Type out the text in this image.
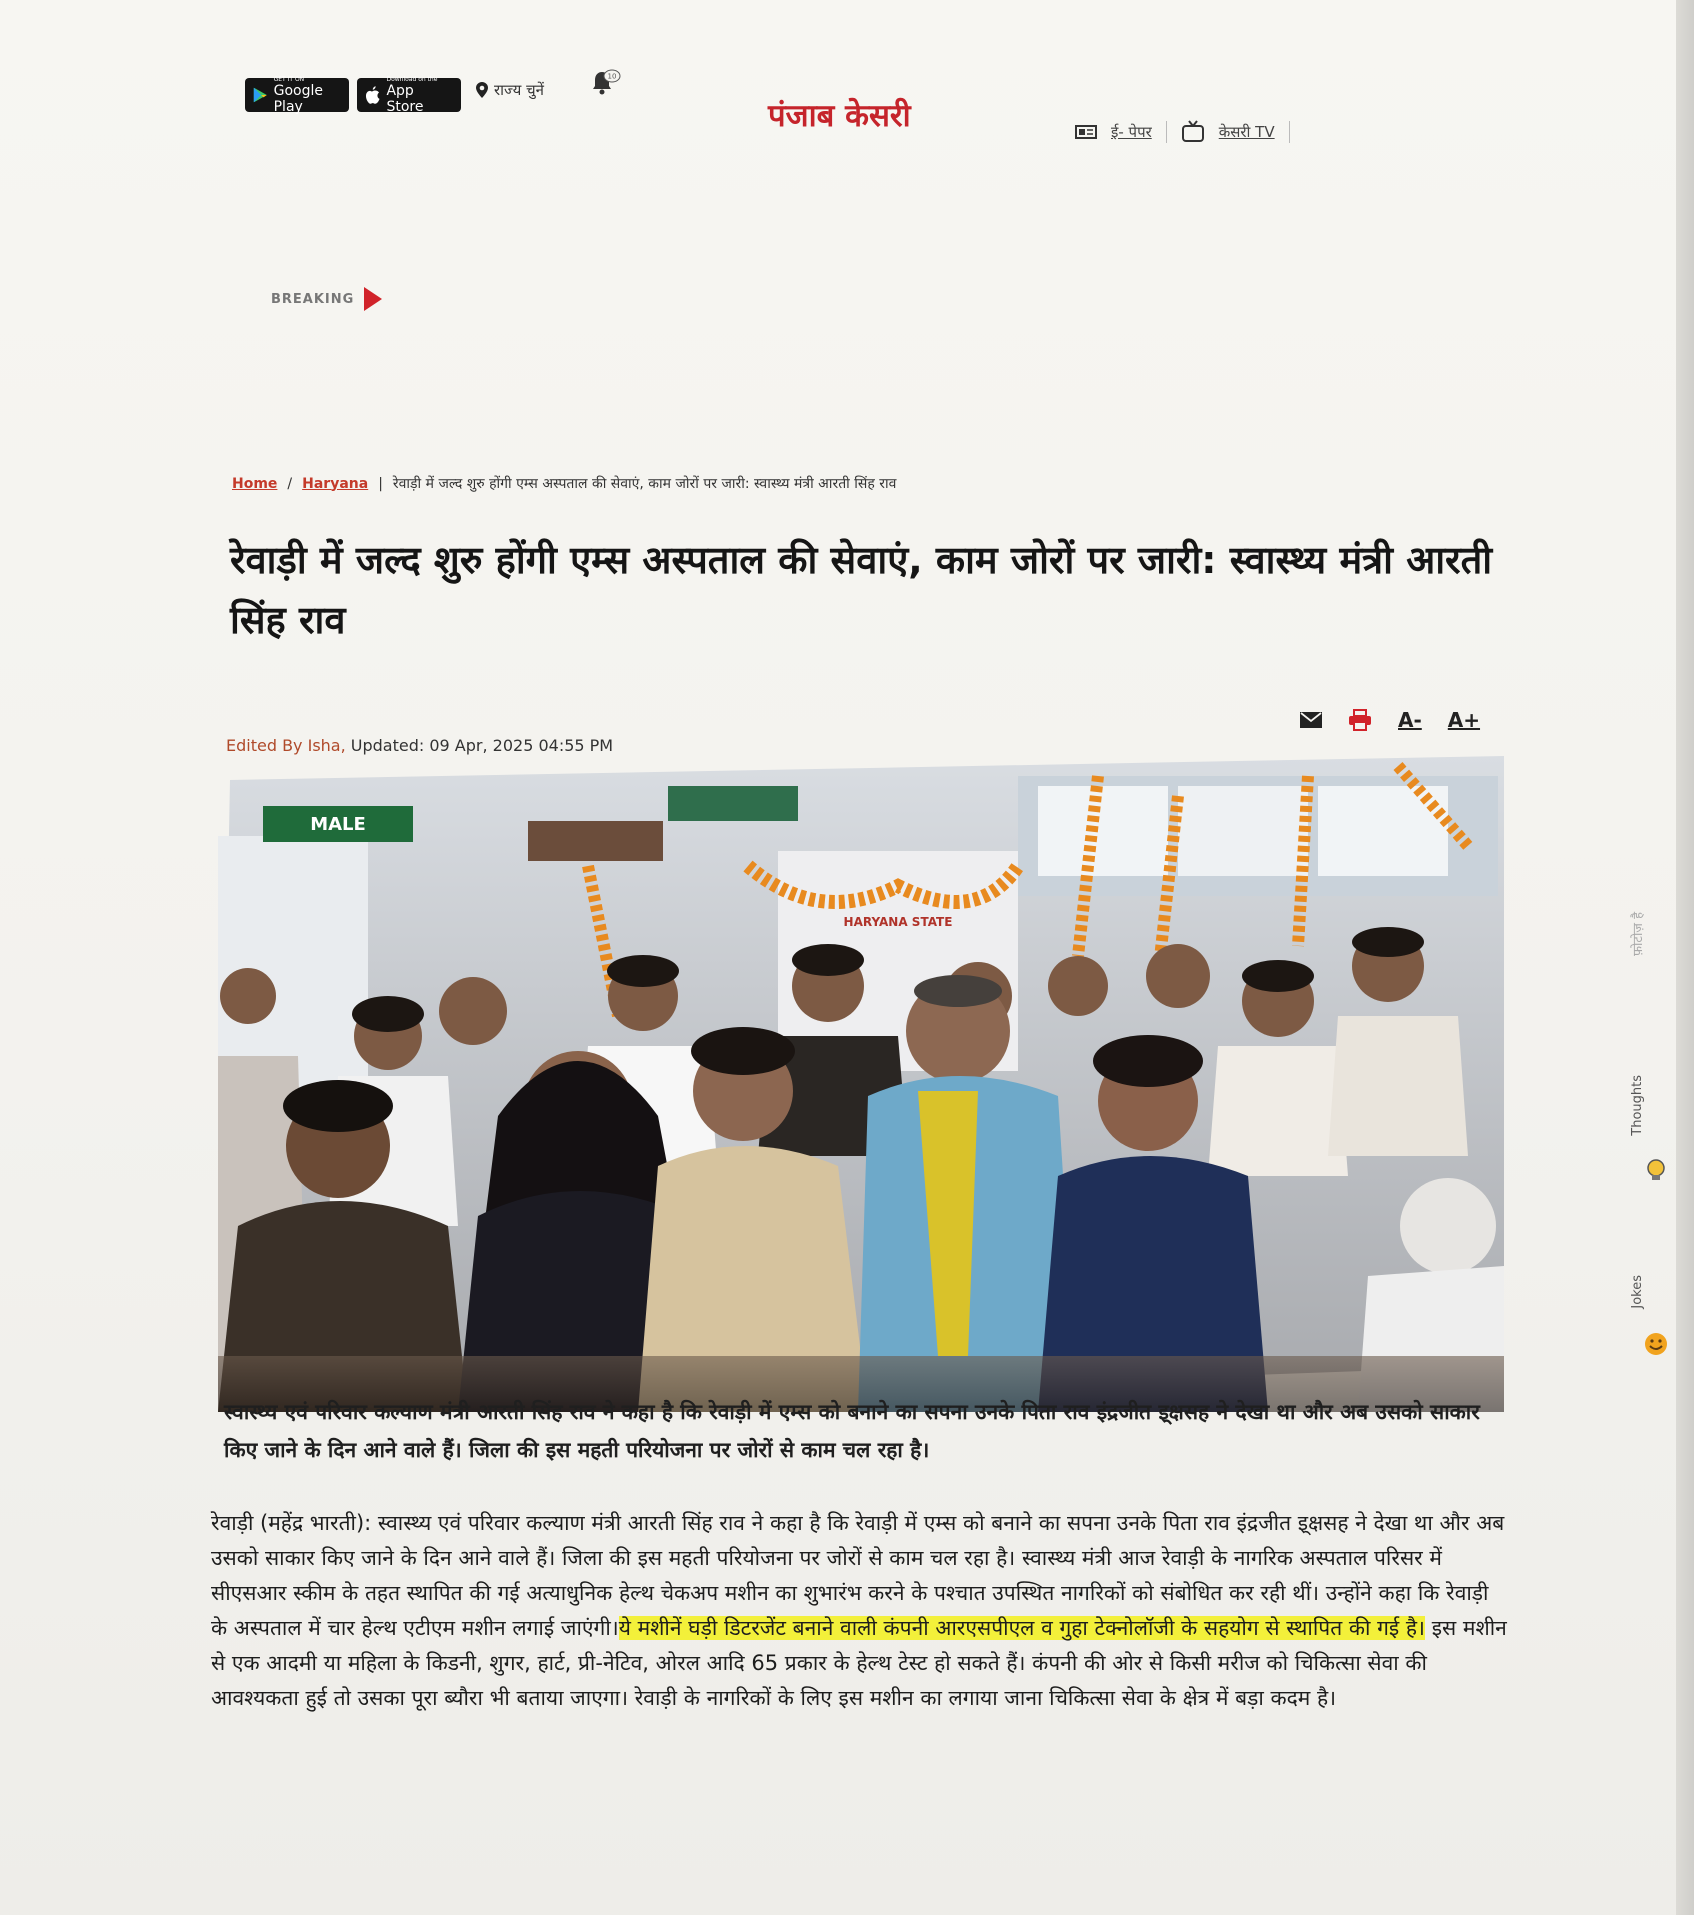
GET IT ON
Google Play
Download on the
App Store
राज्य चुनें
10
पंजाब केसरी	ई- पेपर	केसरी TV
BREAKING
Home / Haryana | रेवाड़ी में जल्द शुरु होंगी एम्स अस्पताल की सेवाएं, काम जोरों पर जारी: स्वास्थ्य मंत्री आरती सिंह राव
रेवाड़ी में जल्द शुरु होंगी एम्स अस्पताल की सेवाएं, काम जोरों पर जारी: स्वास्थ्य मंत्री आरती सिंह राव
Edited By Isha, Updated: 09 Apr, 2025 04:55 PM
A- A+
MALE
HARYANA STATE

स्वास्थ्य एवं परिवार कल्याण मंत्री आरती सिंह राव ने कहा है कि रेवाड़ी में एम्स को बनाने का सपना उनके पिता राव इंद्रजीत इ्क्षसह ने देखा था और अब उसको साकार किए जाने के दिन आने वाले हैं। जिला की इस महती परियोजना पर जोरों से काम चल रहा है।

रेवाड़ी (महेंद्र भारती): स्वास्थ्य एवं परिवार कल्याण मंत्री आरती सिंह राव ने कहा है कि रेवाड़ी में एम्स को बनाने का सपना उनके पिता राव इंद्रजीत इ्क्षसह ने देखा था और अब उसको साकार किए जाने के दिन आने वाले हैं। जिला की इस महती परियोजना पर जोरों से काम चल रहा है। स्वास्थ्य मंत्री आज रेवाड़ी के नागरिक अस्पताल परिसर में सीएसआर स्कीम के तहत स्थापित की गई अत्याधुनिक हेल्थ चेकअप मशीन का शुभारंभ करने के पश्चात उपस्थित नागरिकों को संबोधित कर रही थीं। उन्होंने कहा कि रेवाड़ी के अस्पताल में चार हेल्थ एटीएम मशीन लगाई जाएंगी।ये मशीनें घड़ी डिटरजेंट बनाने वाली कंपनी आरएसपीएल व गुहा टेक्नोलॉजी के सहयोग से स्थापित की गई है। इस मशीन से एक आदमी या महिला के किडनी, शुगर, हार्ट, प्री-नेटिव, ओरल आदि 65 प्रकार के हेल्थ टेस्ट हो सकते हैं। कंपनी की ओर से किसी मरीज को चिकित्सा सेवा की आवश्यकता हुई तो उसका पूरा ब्यौरा भी बताया जाएगा। रेवाड़ी के नागरिकों के लिए इस मशीन का लगाया जाना चिकित्सा सेवा के क्षेत्र में बड़ा कदम है।

फ़ोटोज़ है
Thoughts
Jokes
